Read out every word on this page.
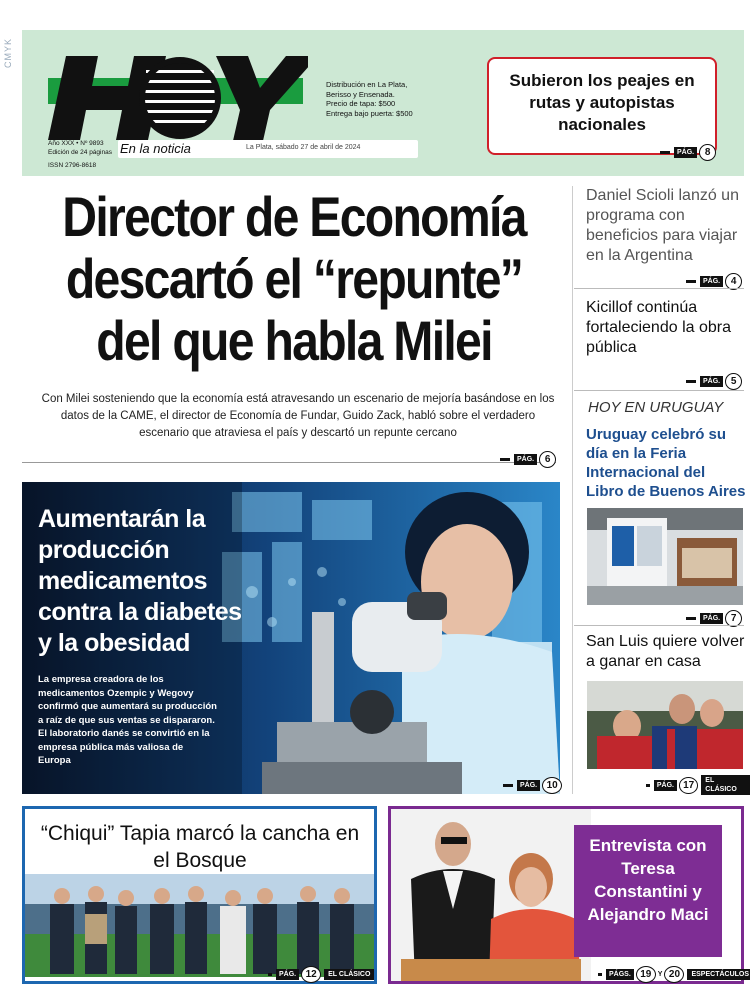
CMYK
En la noticia	La Plata, sábado 27 de abril de 2024
Año XXX • Nº 9893
Edición de 24 páginas
ISSN 2796-8618
Distribución en La Plata,
Berisso y Ensenada.
Precio de tapa: $500
Entrega bajo puerta: $500
Subieron los peajes en rutas y autopistas nacionales
PÁG.	8
Director de Economía descartó el “repunte” del que habla Milei
Con Milei sosteniendo que la economía está atravesando un escenario de mejoría basándose en los datos de la CAME, el director de Economía de Fundar, Guido Zack, habló sobre el verdadero escenario que atraviesa el país y descartó un repunte cercano
PÁG.	6
Aumentarán la producción medicamentos contra la diabetes y la obesidad
La empresa creadora de los medicamentos Ozempic y Wegovy confirmó que aumentará su producción a raíz de que sus ventas se dispararon. El laboratorio danés se convirtió en la empresa pública más valiosa de Europa
PÁG. 10
Daniel Scioli lanzó un programa con beneficios para viajar en la Argentina
PÁG.	4
Kicillof continúa fortaleciendo la obra pública
PÁG.	5
HOY EN URUGUAY
Uruguay celebró su día en la Feria Internacional del Libro de Buenos Aires
PÁG.	7
San Luis quiere volver a ganar en casa
PÁG. 17	EL CLÁSICO
“Chiqui” Tapia marcó la cancha en el Bosque
PÁG. 12	EL CLÁSICO
Entrevista con Teresa Constantini y Alejandro Maci
PÁGS. 19 Y 20	ESPECTÁCULOS
